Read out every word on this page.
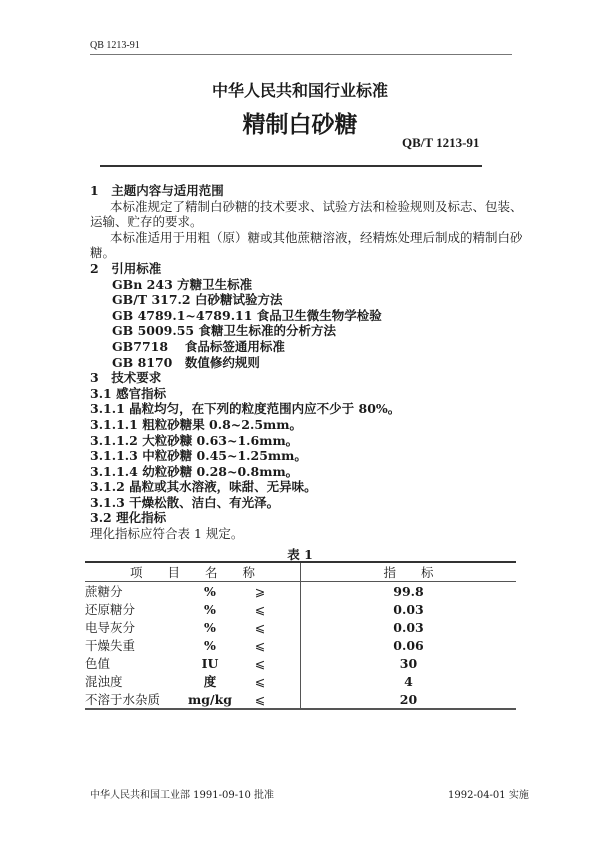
QB 1213-91
中华人民共和国行业标准
精制白砂糖
QB/T 1213-91
1　主题内容与适用范围
本标准规定了精制白砂糖的技术要求、试验方法和检验规则及标志、包装、
运输、贮存的要求。
本标准适用于用粗（原）糖或其他蔗糖溶液，经精炼处理后制成的精制白砂
糖。
2　引用标准
GBn 243 方糖卫生标准
GB/T 317.2 白砂糖试验方法
GB 4789.1~4789.11 食品卫生微生物学检验
GB 5009.55 食糖卫生标准的分析方法
GB7718　 食品标签通用标准
GB 8170　数值修约规则
3　技术要求
3.1 感官指标
3.1.1 晶粒均匀，在下列的粒度范围内应不少于 80%。
3.1.1.1 粗粒砂糖果 0.8~2.5mm。
3.1.1.2 大粒砂糠 0.63~1.6mm。
3.1.1.3 中粒砂糖 0.45~1.25mm。
3.1.1.4 幼粒砂糖 0.28~0.8mm。
3.1.2 晶粒或其水溶液，味甜、无异味。
3.1.3 干燥松散、洁白、有光泽。
3.2 理化指标
理化指标应符合表 1 规定。
表 1
项　　目　　名　　称	指　　标
蔗糖分 % ⩾	99.8
还原糖分 % ⩽	0.03
电导灰分 % ⩽	0.03
干燥失重 % ⩽	0.06
色值 IU ⩽	30
混浊度 度 ⩽	4
不溶于水杂质 mg/kg ⩽	20
中华人民共和国工业部 1991-09-10 批准	1992-04-01 实施
